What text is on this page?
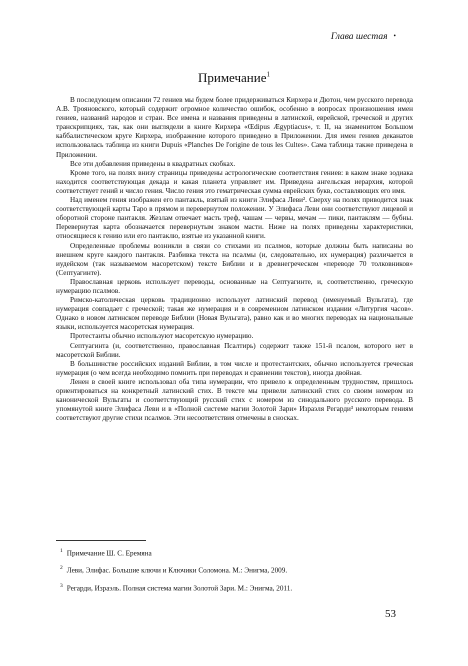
Глава шестая •
Примечание$^1$

В последующем описании 72 гениев мы будем более придерживаться Кирхера и Дютон, чем русского перевода А.В. Трояновского, который содержит огромное количество ошибок, особенно в вопросах произношения имен гениев, названий народов и стран. Все имена и названия приведены в латинской, еврейской, греческой и других транскрипциях, так, как они выглядели в книге Кирхера «Œdipus Ægyptiacus», т. II, на знаменитом Большом каббалистическом круге Кирхера, изображение которого приведено в Приложении. Для имен гениев деканатов использовалась таблица из книги Dupuis «Planches De l'origine de tous les Cultes». Сама таблица также приведена в Приложении.

Все эти добавления приведены в квадратных скобках.

Кроме того, на полях внизу страницы приведены астрологические соответствия гениев: в каком знаке зодиака находится соответствующая декада и какая планета управляет им. Приведена ангельская иерархия, которой соответствует гений и число гения. Число гения это гематрическая сумма еврейских букв, составляющих его имя.

Над именем гения изображен его пантакль, взятый из книги Элифаса Леви². Сверху на полях приводится знак соответствующей карты Таро в прямом и перевернутом положении. У Элифаса Леви они соответствуют лицевой и оборотной стороне пантакля. Жезлам отвечает масть треф, чашам — червы, мечам — пики, пантаклям — бубны. Перевернутая карта обозначается перевернутым знаком масти. Ниже на полях приведены характеристики, относящиеся к гению или его пантаклю, взятые из указанной книги.

Определенные проблемы возникли в связи со стихами из псалмов, которые должны быть написаны во внешнем круге каждого пантакля. Разбивка текста на псалмы (и, следовательно, их нумерация) различается в иудейском (так называемом масоретском) тексте Библии и в древнегреческом «переводе 70 толковников» (Септуагинте).

Православная церковь использует переводы, основанные на Септуагинте, и, соответственно, греческую нумерацию псалмов.

Римско-католическая церковь традиционно использует латинский перевод (именуемый Вульгата), где нумерация совпадает с греческой; такая же нумерация и в современном латинском издании «Литургия часов». Однако в новом латинском переводе Библии (Новая Вульгата), равно как и во многих переводах на национальные языки, используется масоретская нумерация.

Протестанты обычно используют масоретскую нумерацию.

Септуагинта (и, соответственно, православная Псалтирь) содержит также 151-й псалом, которого нет в масоретской Библии.

В большинстве российских изданий Библии, в том числе и протестантских, обычно используется греческая нумерация (о чем всегда необходимо помнить при переводах и сравнении текстов), иногда двойная.

Ленен в своей книге использовал оба типа нумерации, что привело к определенным трудностям, пришлось ориентироваться на конкретный латинский стих. В тексте мы привели латинский стих со своим номером из канонической Вульгаты и соответствующий русский стих с номером из синодального русского перевода. В упомянутой книге Элифаса Леви и в «Полной системе магии Золотой Зари» Израэля Регарди³ некоторым гениям соответствуют другие стихи псалмов. Эти несоответствия отмечены в сносках.

$^1$ Примечание Ш. С. Еремяна
$^2$ Леви, Элифас. Большие ключи и Ключики Соломона. М.: Энигма, 2009.
$^3$ Регарди, Израэль. Полная система магии Золотой Зари. М.: Энигма, 2011.
53
